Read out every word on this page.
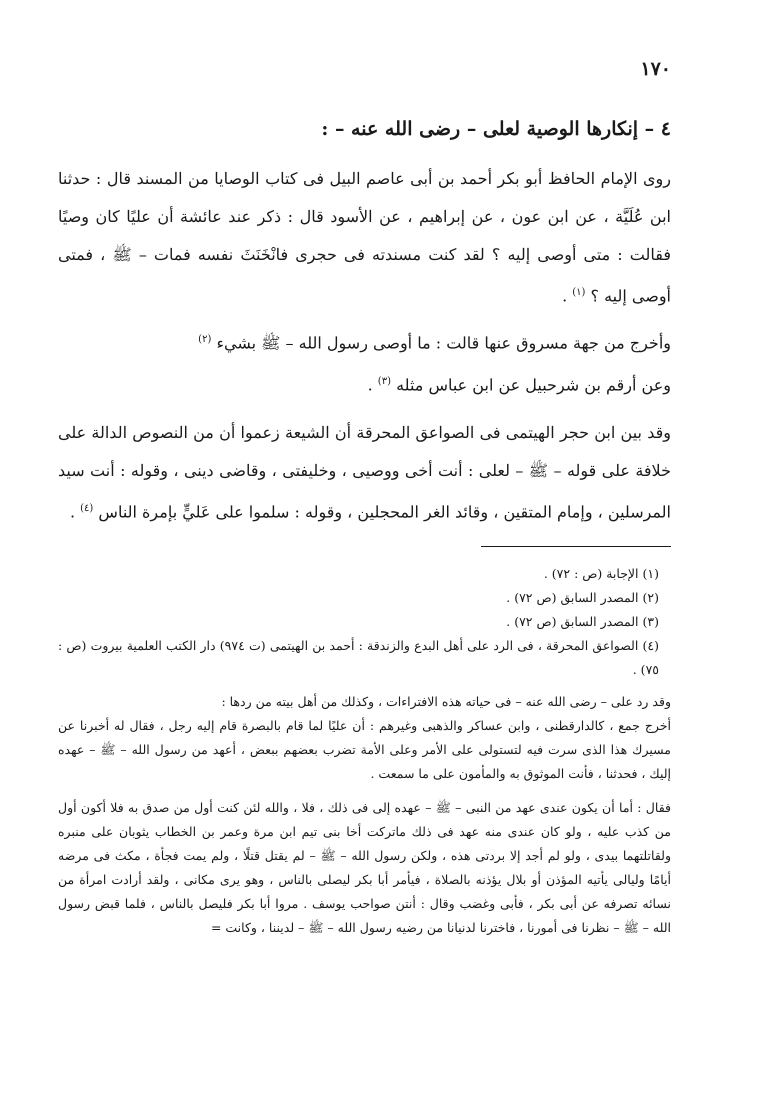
١٧٠
٤ – إنكارها الوصية لعلى – رضى الله عنه – :

روى الإمام الحافظ أبو بكر أحمد بن أبى عاصم البيل فى كتاب الوصايا من المسند قال : حدثنا ابن عُلَيَّة ، عن ابن عون ، عن إبراهيم ، عن الأسود قال : ذكر عند عائشة أن عليًا كان وصيًا فقالت : متى أوصى إليه ؟ لقد كنت مسندته فى حجرى فانْخَنَثَ نفسه فمات – ﷺ ، فمتى أوصى إليه ؟ $^{(١)}$ .

وأخرج من جهة مسروق عنها قالت : ما أوصى رسول الله – ﷺ بشيء $^{(٢)}$

وعن أرقم بن شرحبيل عن ابن عباس مثله $^{(٣)}$ .

وقد بين ابن حجر الهيتمى فى الصواعق المحرقة أن الشيعة زعموا أن من النصوص الدالة على خلافة على قوله – ﷺ – لعلى : أنت أخى ووصيى ، وخليفتى ، وقاضى دينى ، وقوله : أنت سيد المرسلين ، وإمام المتقين ، وقائد الغر المحجلين ، وقوله : سلموا على عَليٍّ بإمرة الناس $^{(٤)}$ .

(١) الإجابة (ص : ٧٢) .

(٢) المصدر السابق (ص ٧٢) .

(٣) المصدر السابق (ص ٧٢) .

(٤) الصواعق المحرقة ، فى الرد على أهل البدع والزندقة : أحمد بن الهيتمى (ت ٩٧٤) دار الكتب العلمية بيروت (ص : ٧٥) .

وقد رد على – رضى الله عنه – فى حياته هذه الافتراءات ، وكذلك من أهل بيته من ردها :

أخرج جمع ، كالدارقطنى ، وابن عساكر والذهبى وغيرهم : أن عليًا لما قام بالبصرة قام إليه رجل ، فقال له أخبرنا عن مسيرك هذا الذى سرت فيه لتستولى على الأمر وعلى الأمة تضرب بعضهم ببعض ، أعهد من رسول الله – ﷺ – عهده إليك ، فحدثنا ، فأنت الموثوق به والمأمون على ما سمعت .

فقال : أما أن يكون عندى عهد من النبى – ﷺ – عهده إلى فى ذلك ، فلا ، والله لئن كنت أول من صدق به فلا أكون أول من كذب عليه ، ولو كان عندى منه عهد فى ذلك ماتركت أخا بنى تيم ابن مرة وعمر بن الخطاب يثوبان على منبره ولقاتلتهما بيدى ، ولو لم أجد إلا بردتى هذه ، ولكن رسول الله – ﷺ – لم يقتل قتلًا ، ولم يمت فجأة ، مكث فى مرضه أيامًا وليالى يأتيه المؤذن أو بلال يؤذنه بالصلاة ، فيأمر أبا بكر ليصلى بالناس ، وهو يرى مكانى ، ولقد أرادت امرأة من نسائه تصرفه عن أبى بكر ، فأبى وغضب وقال : أنتن صواحب يوسف . مروا أبا بكر فليصل بالناس ، فلما قبض رسول الله – ﷺ – نظرنا فى أمورنا ، فاخترنا لدنيانا من رضيه رسول الله – ﷺ – لديننا ، وكانت =
